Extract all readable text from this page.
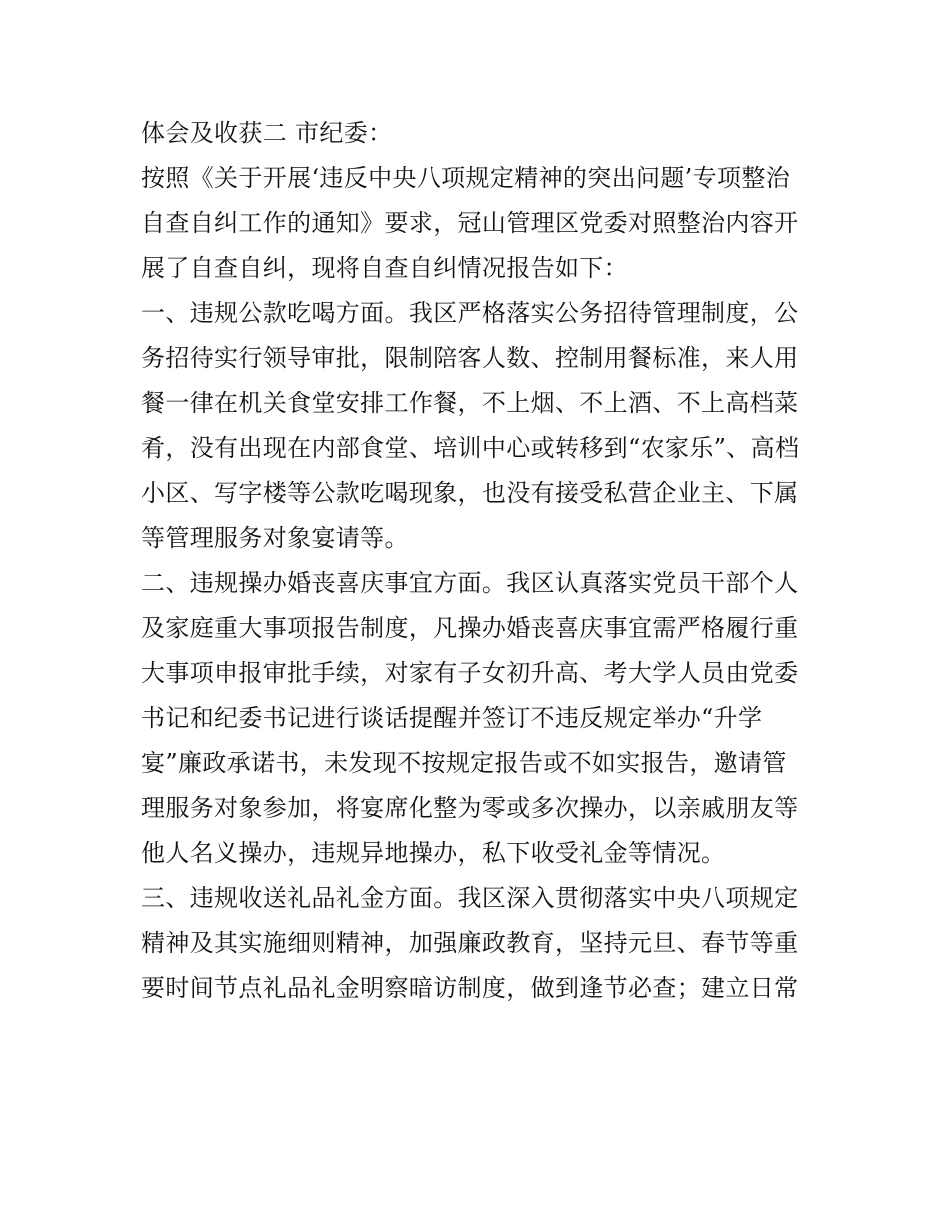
体会及收获二 市纪委：
按照《关于开展‘违反中央八项规定精神的突出问题’专项整治
自查自纠工作的通知》要求，冠山管理区党委对照整治内容开
展了自查自纠，现将自查自纠情况报告如下：
一、违规公款吃喝方面。我区严格落实公务招待管理制度，公
务招待实行领导审批，限制陪客人数、控制用餐标准，来人用
餐一律在机关食堂安排工作餐，不上烟、不上酒、不上高档菜
肴，没有出现在内部食堂、培训中心或转移到“农家乐”、高档
小区、写字楼等公款吃喝现象，也没有接受私营企业主、下属
等管理服务对象宴请等。
二、违规操办婚丧喜庆事宜方面。我区认真落实党员干部个人
及家庭重大事项报告制度，凡操办婚丧喜庆事宜需严格履行重
大事项申报审批手续，对家有子女初升高、考大学人员由党委
书记和纪委书记进行谈话提醒并签订不违反规定举办“升学
宴”廉政承诺书，未发现不按规定报告或不如实报告，邀请管
理服务对象参加，将宴席化整为零或多次操办，以亲戚朋友等
他人名义操办，违规异地操办，私下收受礼金等情况。
三、违规收送礼品礼金方面。我区深入贯彻落实中央八项规定
精神及其实施细则精神，加强廉政教育，坚持元旦、春节等重
要时间节点礼品礼金明察暗访制度，做到逢节必查；建立日常
